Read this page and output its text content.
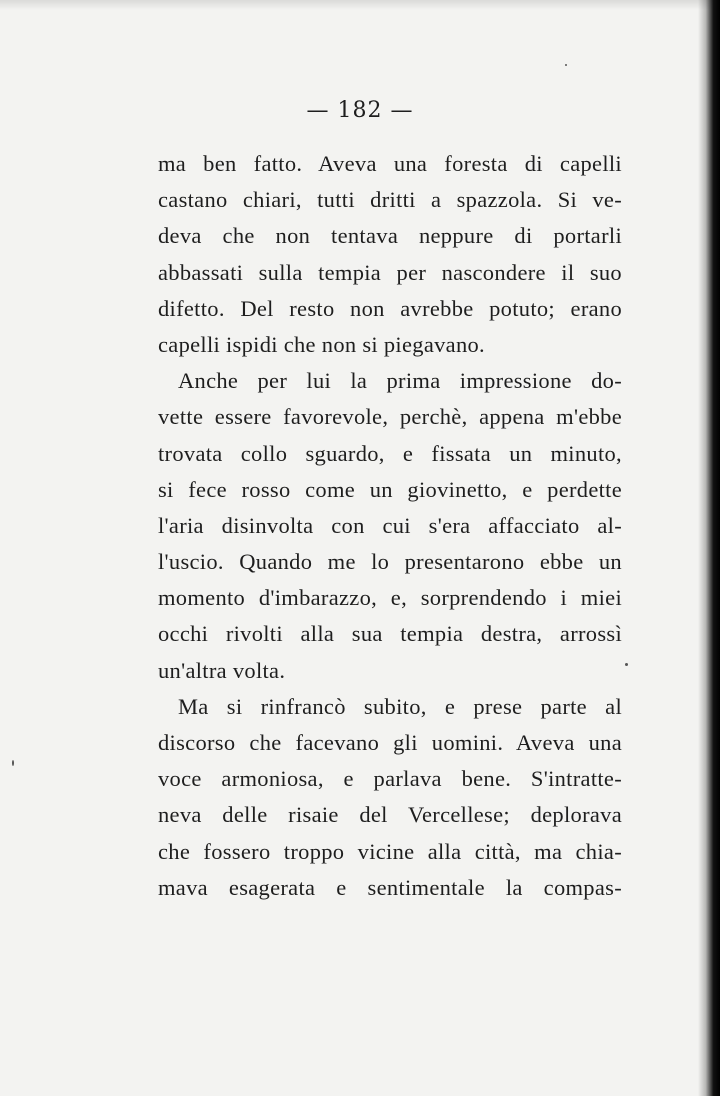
— 182 —
ma ben fatto. Aveva una foresta di capelli
castano chiari, tutti dritti a spazzola. Si ve-
deva che non tentava neppure di portarli
abbassati sulla tempia per nascondere il suo
difetto. Del resto non avrebbe potuto; erano
capelli ispidi che non si piegavano.
Anche per lui la prima impressione do-
vette essere favorevole, perchè, appena m'ebbe
trovata collo sguardo, e fissata un minuto,
si fece rosso come un giovinetto, e perdette
l'aria disinvolta con cui s'era affacciato al-
l'uscio. Quando me lo presentarono ebbe un
momento d'imbarazzo, e, sorprendendo i miei
occhi rivolti alla sua tempia destra, arrossì
un'altra volta.
Ma si rinfrancò subito, e prese parte al
discorso che facevano gli uomini. Aveva una
voce armoniosa, e parlava bene. S'intratte-
neva delle risaie del Vercellese; deplorava
che fossero troppo vicine alla città, ma chia-
mava esagerata e sentimentale la compas-
